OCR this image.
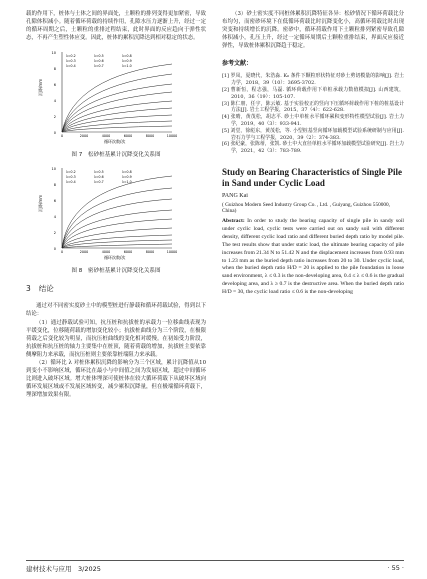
载的作用下，桩体与土体之间的界面处，土颗粒的排列变得更加紧密，导致孔隙体积减小。随着循环荷载的持续作用，孔隙水压力逐渐上升，经过一定的循环周期之后，土颗粒的重排过程结束，此时界面的反应趋向于弹性状态，不再产生塑性体应变。因此，桩体的累积沉降达到相对稳定的状态。

沉降/mm
循环次数/次
0
2
4
6
8
10
0	2000	4000	6000	8000	10000
λ=0.2
λ=0.3
λ=0.4
λ=0.5
λ=0.6
λ=0.7
λ=0.8
λ=0.9
λ=1.0
图 7　松砂桩基累计沉降变化关系图
沉降/mm
循环次数/次
0
2
4
6
8
10
0	2000	4000	6000	8000	10000
λ=0.2
λ=0.3
λ=0.4
λ=0.5
λ=0.6
λ=0.7
λ=0.8
λ=0.9
λ=1.0
图 8　密砂桩基累计沉降变化关系图
3 结论

通过对不同密实度砂土中的模型桩进行静载和循环荷载试验，得到以下结论：

（1）通过静载试验可知，抗压桩和抗拔桩的承载力一位移曲线表现为平缓变化，位移随荷载的增加变化较小；抗拔桩曲线分为三个阶段，在极限荷载之后变化较为明显，而抗压桩曲线的变化相对缓慢。在初始受力阶段，抗拔桩和抗压桩的轴力主要集中在桩顶，随着荷载的增加，抗拔桩主要依靠侧摩阻力来承载，而抗压桩则主要依靠桩端阻力来承载。

（2）循环比 λ 对桩体累积沉降的影响分为三个区域，累计沉降值从10到变小不影响区域，循环比在最小与中间值之间为发展区域，超过中间循环比则进入破坏区域。增大桩体埋深可使桩体在较大循环荷载下从破坏区域向循环发展区域或不发展区域转变，减少累积沉降量，但在极端循环荷载下，埋深增加效果有限。

（3）砂土密实度不同桩体累积沉降特征各异：松砂情况下循环荷载比分布均匀，而密砂环境下在低循环荷载比时沉降变化小，高循环荷载比时出现突变和持续增长的沉降。密砂中，循环荷载作用下土颗粒排列紧密导致孔隙体积减小，孔压上升，经过一定循环周期后土颗粒重排结束，界面反应接近弹性，导致桩体累积沉降趋于稳定。

参考文献：
[1] 罗凤，夏晓代，朱浩淼. K₀ 条件下颗粒形状特征对砂土剪切模量的影响[J]. 岩土力学，2018，39（10）：3695-3702.
[2] 曹新恒，程志强，马磊. 循环荷载作用下单桩承载力数值模拟[J]. 山西建筑，2010，36（19）：105-107.
[3] 陈仁朋，任宇，陈云敏. 基于实验校正的竖向下压循环荷载作用下桩的桩基设计方法[J]. 岩土工程学报，2015，37（4）：622-628.
[4] 张晴，黄茂松，胡志平. 砂土中单桩水平循环累积变形特性模型试验[J]. 岩土力学，2019，40（3）：933-941.
[5] 刘堂，徐彪东，黄茂松，等. 小型桩基竖向循环加载模型试验系统研制与应用[J]. 岩石力学与工程学报，2020，39（2）：374-383.
[6] 张纪豪，张陈蒂，张凯. 砂土中大直径单桩水平循环加载模型试验研究[J]. 岩土力学，2021，42（3）：783-789.
Study on Bearing Characteristics of Single Pile in Sand under Cyclic Load
PANG Kai
( Guizhou Modern Seed Industry Group Co. , Ltd. , Guiyang, Guizhou 550000, China)
Abstract: In order to study the bearing capacity of single pile in sandy soil under cyclic load, cyclic tests were carried out on sandy soil with different density, different cyclic load ratio and different buried depth ratio by model pile. The test results show that under static load, the ultimate bearing capacity of pile increases from 21.34 N to 51.42 N and the displacement increases from 0.93 mm to 1.23 mm as the buried depth ratio increases from 20 to 30. Under cyclic load, when the buried depth ratio H/D = 20 is applied to the pile foundation in loose sand environment, λ ≤ 0.3 is the non-developing area, 0.4 ≤ λ ≤ 0.6 is the gradual developing area, and λ ≥ 0.7 is the destructive area. When the buried depth ratio H/D = 30, the cyclic load ratio ≤ 0.6 is the non-developing
建材技术与应用　3/2025	· 55 ·
